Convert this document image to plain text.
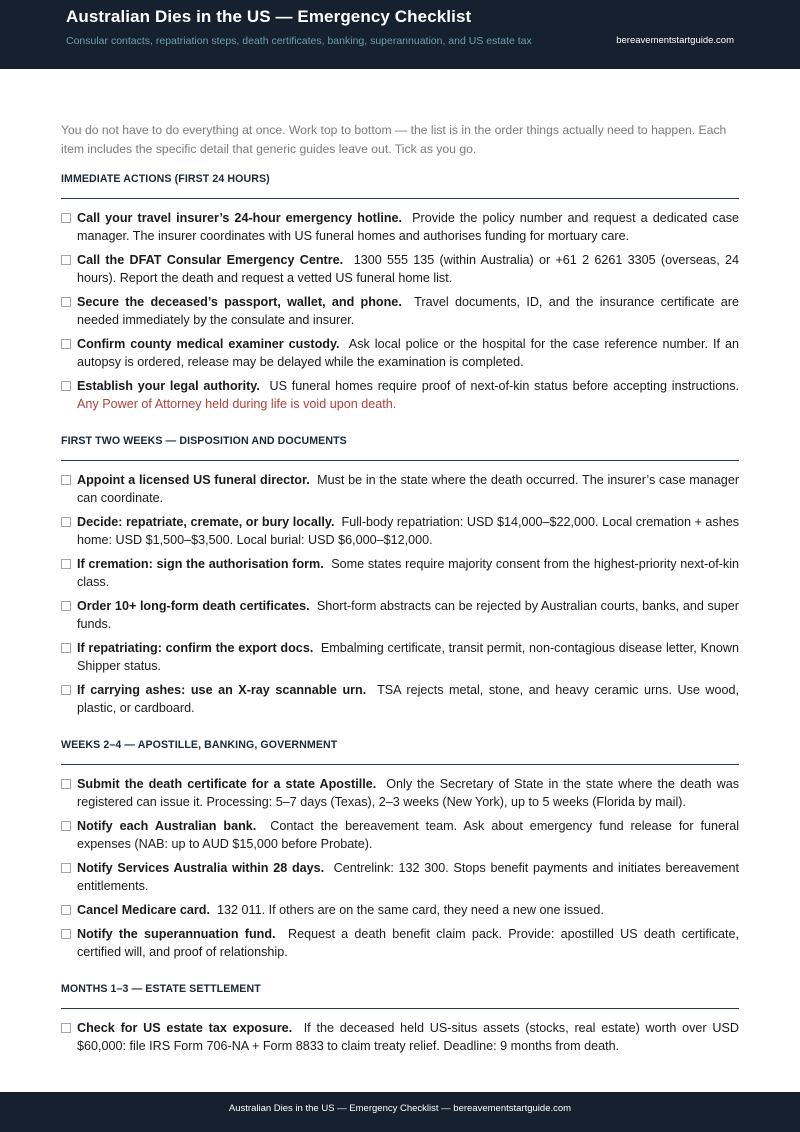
Australian Dies in the US — Emergency Checklist
Consular contacts, repatriation steps, death certificates, banking, superannuation, and US estate tax	bereavementstartguide.com

You do not have to do everything at once. Work top to bottom — the list is in the order things actually need to happen. Each item includes the specific detail that generic guides leave out. Tick as you go.

IMMEDIATE ACTIONS (FIRST 24 HOURS)
Call your travel insurer’s 24-hour emergency hotline. Provide the policy number and request a dedicated case manager. The insurer coordinates with US funeral homes and authorises funding for mortuary care.
Call the DFAT Consular Emergency Centre. 1300 555 135 (within Australia) or +61 2 6261 3305 (overseas, 24 hours). Report the death and request a vetted US funeral home list.
Secure the deceased’s passport, wallet, and phone. Travel documents, ID, and the insurance certificate are needed immediately by the consulate and insurer.
Confirm county medical examiner custody. Ask local police or the hospital for the case reference number. If an autopsy is ordered, release may be delayed while the examination is completed.
Establish your legal authority. US funeral homes require proof of next-of-kin status before accepting instructions. Any Power of Attorney held during life is void upon death.
FIRST TWO WEEKS — DISPOSITION AND DOCUMENTS
Appoint a licensed US funeral director. Must be in the state where the death occurred. The insurer’s case manager can coordinate.
Decide: repatriate, cremate, or bury locally. Full-body repatriation: USD $14,000–$22,000. Local cremation + ashes home: USD $1,500–$3,500. Local burial: USD $6,000–$12,000.
If cremation: sign the authorisation form. Some states require majority consent from the highest-priority next-of-kin class.
Order 10+ long-form death certificates. Short-form abstracts can be rejected by Australian courts, banks, and super funds.
If repatriating: confirm the export docs. Embalming certificate, transit permit, non-contagious disease letter, Known Shipper status.
If carrying ashes: use an X-ray scannable urn. TSA rejects metal, stone, and heavy ceramic urns. Use wood, plastic, or cardboard.
WEEKS 2–4 — APOSTILLE, BANKING, GOVERNMENT
Submit the death certificate for a state Apostille. Only the Secretary of State in the state where the death was registered can issue it. Processing: 5–7 days (Texas), 2–3 weeks (New York), up to 5 weeks (Florida by mail).
Notify each Australian bank. Contact the bereavement team. Ask about emergency fund release for funeral expenses (NAB: up to AUD $15,000 before Probate).
Notify Services Australia within 28 days. Centrelink: 132 300. Stops benefit payments and initiates bereavement entitlements.
Cancel Medicare card. 132 011. If others are on the same card, they need a new one issued.
Notify the superannuation fund. Request a death benefit claim pack. Provide: apostilled US death certificate, certified will, and proof of relationship.
MONTHS 1–3 — ESTATE SETTLEMENT
Check for US estate tax exposure. If the deceased held US-situs assets (stocks, real estate) worth over USD $60,000: file IRS Form 706-NA + Form 8833 to claim treaty relief. Deadline: 9 months from death.
Australian Dies in the US — Emergency Checklist — bereavementstartguide.com
